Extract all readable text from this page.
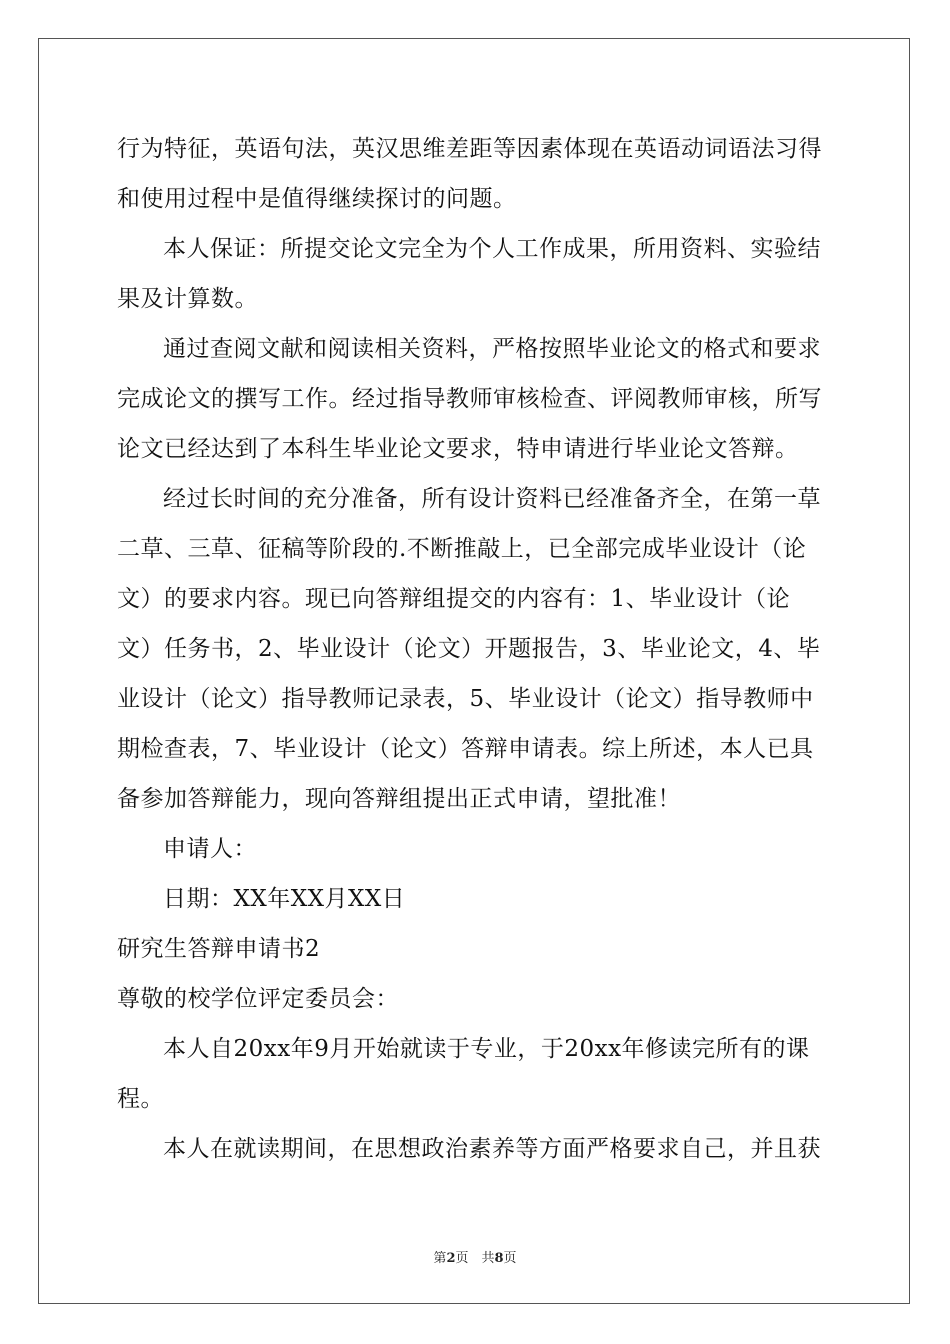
行为特征，英语句法，英汉思维差距等因素体现在英语动词语法习得
和使用过程中是值得继续探讨的问题。
本人保证：所提交论文完全为个人工作成果，所用资料、实验结
果及计算数。
通过查阅文献和阅读相关资料，严格按照毕业论文的格式和要求
完成论文的撰写工作。经过指导教师审核检查、评阅教师审核，所写
论文已经达到了本科生毕业论文要求，特申请进行毕业论文答辩。
经过长时间的充分准备，所有设计资料已经准备齐全，在第一草
二草、三草、征稿等阶段的.不断推敲上，已全部完成毕业设计（论
文）的要求内容。现已向答辩组提交的内容有：1、毕业设计（论
文）任务书，2、毕业设计（论文）开题报告，3、毕业论文，4、毕
业设计（论文）指导教师记录表，5、毕业设计（论文）指导教师中
期检查表，7、毕业设计（论文）答辩申请表。综上所述，本人已具
备参加答辩能力，现向答辩组提出正式申请，望批准！
申请人：
日期：XX年XX月XX日
研究生答辩申请书2
尊敬的校学位评定委员会：
本人自20xx年9月开始就读于专业，于20xx年修读完所有的课
程。
本人在就读期间，在思想政治素养等方面严格要求自己，并且获
第2页　共8页
